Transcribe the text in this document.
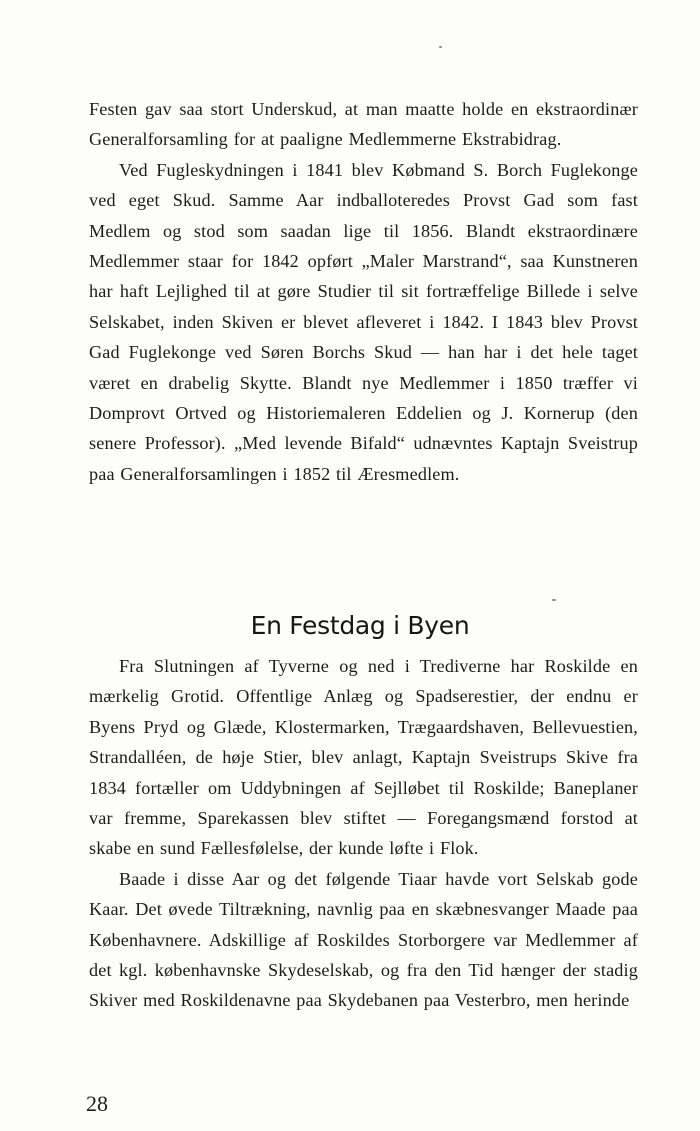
Festen gav saa stort Underskud, at man maatte holde en ekstraordinær Generalforsamling for at paaligne Medlemmerne Ekstrabidrag.

Ved Fugleskydningen i 1841 blev Købmand S. Borch Fuglekonge ved eget Skud. Samme Aar indballoteredes Provst Gad som fast Medlem og stod som saadan lige til 1856. Blandt ekstraordinære Medlemmer staar for 1842 opført „Maler Marstrand“, saa Kunstneren har haft Lejlighed til at gøre Studier til sit fortræffelige Billede i selve Selskabet, inden Skiven er blevet afleveret i 1842. I 1843 blev Provst Gad Fuglekonge ved Søren Borchs Skud — han har i det hele taget været en drabelig Skytte. Blandt nye Medlemmer i 1850 træffer vi Domprovt Ortved og Historiemaleren Eddelien og J. Kornerup (den senere Professor). „Med levende Bifald“ udnævntes Kaptajn Sveistrup paa Generalforsamlingen i 1852 til Æresmedlem.

En Festdag i Byen

Fra Slutningen af Tyverne og ned i Trediverne har Roskilde en mærkelig Grotid. Offentlige Anlæg og Spadserestier, der endnu er Byens Pryd og Glæde, Klostermarken, Trægaardshaven, Bellevuestien, Strandalléen, de høje Stier, blev anlagt, Kaptajn Sveistrups Skive fra 1834 fortæller om Uddybningen af Sejlløbet til Roskilde; Baneplaner var fremme, Sparekassen blev stiftet — Foregangsmænd forstod at skabe en sund Fællesfølelse, der kunde løfte i Flok.

Baade i disse Aar og det følgende Tiaar havde vort Selskab gode Kaar. Det øvede Tiltrækning, navnlig paa en skæbnesvanger Maade paa Københavnere. Adskillige af Roskildes Storborgere var Medlemmer af det kgl. københavnske Skydeselskab, og fra den Tid hænger der stadig Skiver med Roskildenavne paa Skydebanen paa Vesterbro, men herinde

28
